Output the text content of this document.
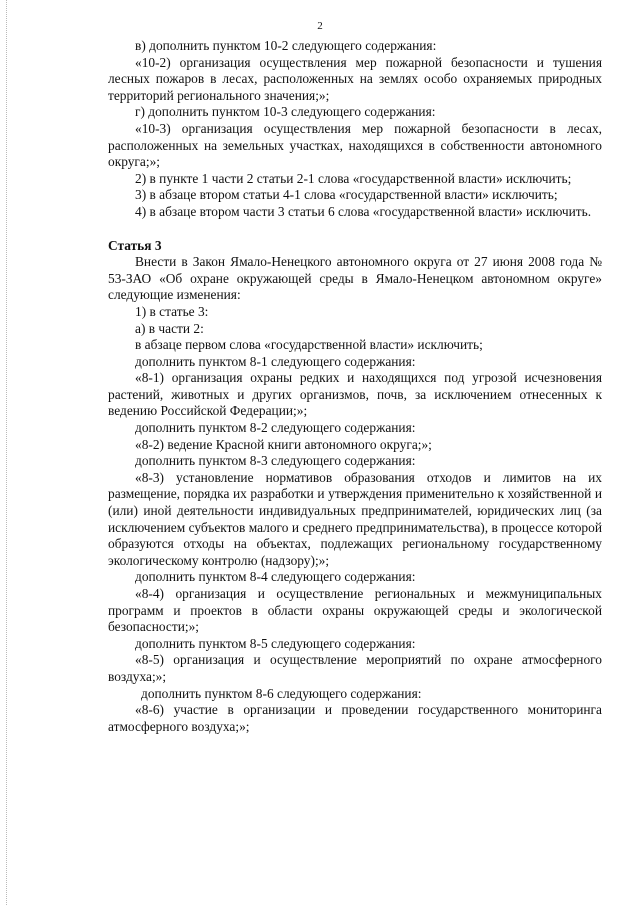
2

в) дополнить пунктом 10-2 следующего содержания:

«10-2) организация осуществления мер пожарной безопасности и тушения лесных пожаров в лесах, расположенных на землях особо охраняемых природных территорий регионального значения;»;

г) дополнить пунктом 10-3 следующего содержания:

«10-3) организация осуществления мер пожарной безопасности в лесах, расположенных на земельных участках, находящихся в собственности автономного округа;»;

2) в пункте 1 части 2 статьи 2-1 слова «государственной власти» исключить;

3) в абзаце втором статьи 4-1 слова «государственной власти» исключить;

4) в абзаце втором части 3 статьи 6 слова «государственной власти» исключить.

Статья 3

Внести в Закон Ямало-Ненецкого автономного округа от 27 июня 2008 года № 53-ЗАО «Об охране окружающей среды в Ямало-Ненецком автономном округе» следующие изменения:

1) в статье 3:

а) в части 2:

в абзаце первом слова «государственной власти» исключить;

дополнить пунктом 8-1 следующего содержания:

«8-1) организация охраны редких и находящихся под угрозой исчезновения растений, животных и других организмов, почв, за исключением отнесенных к ведению Российской Федерации;»;

дополнить пунктом 8-2 следующего содержания:

«8-2) ведение Красной книги автономного округа;»;

дополнить пунктом 8-3 следующего содержания:

«8-3) установление нормативов образования отходов и лимитов на их размещение, порядка их разработки и утверждения применительно к хозяйственной и (или) иной деятельности индивидуальных предпринимателей, юридических лиц (за исключением субъектов малого и среднего предпринимательства), в процессе которой образуются отходы на объектах, подлежащих региональному государственному экологическому контролю (надзору);»;

дополнить пунктом 8-4 следующего содержания:

«8-4) организация и осуществление региональных и межмуниципальных программ и проектов в области охраны окружающей среды и экологической безопасности;»;

дополнить пунктом 8-5 следующего содержания:

«8-5) организация и осуществление мероприятий по охране атмосферного воздуха;»;

дополнить пунктом 8-6 следующего содержания:

«8-6) участие в организации и проведении государственного мониторинга атмосферного воздуха;»;
